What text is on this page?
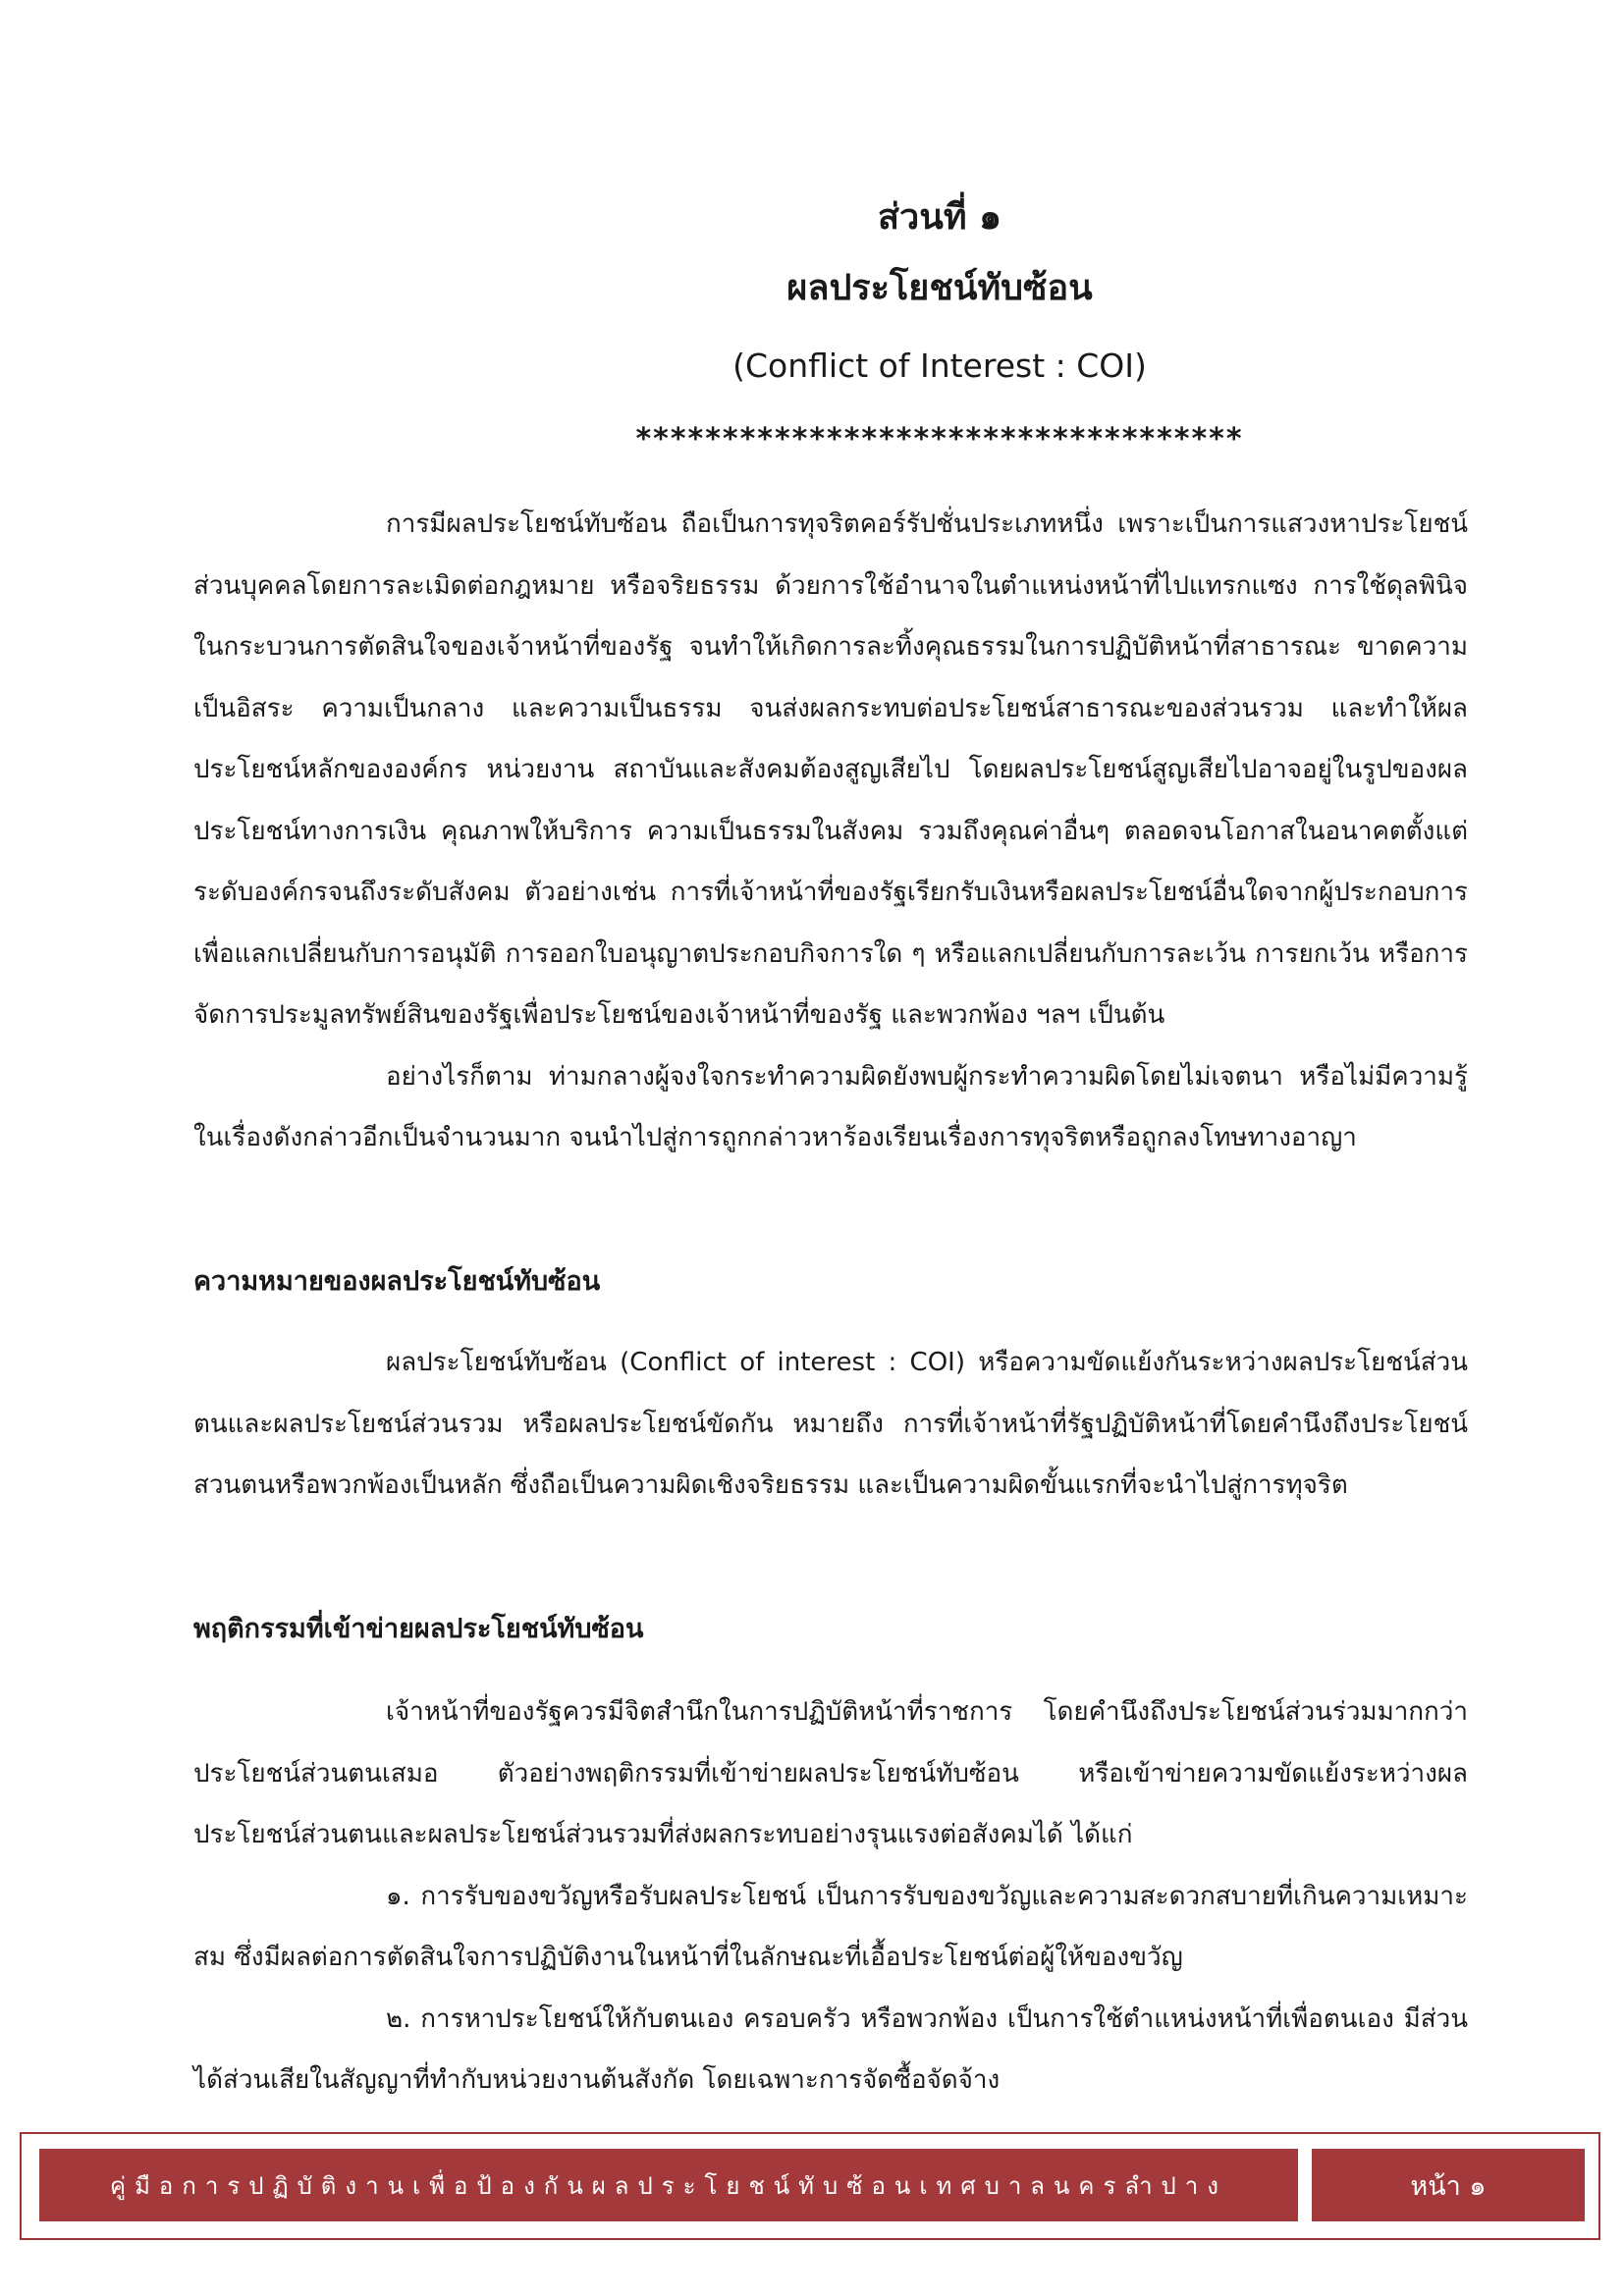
ส่วนที่ ๑
ผลประโยชน์ทับซ้อน
(Conflict of Interest : COI)
***********************************

การมีผลประโยชน์ทับซ้อน ถือเป็นการทุจริตคอร์รัปชั่นประเภทหนึ่ง เพราะเป็นการแสวงหาประโยชน์ส่วนบุคคลโดยการละเมิดต่อกฎหมาย หรือจริยธรรม ด้วยการใช้อำนาจในตำแหน่งหน้าที่ไปแทรกแซง การใช้ดุลพินิจในกระบวนการตัดสินใจของเจ้าหน้าที่ของรัฐ จนทำให้เกิดการละทิ้งคุณธรรมในการปฏิบัติหน้าที่สาธารณะ ขาดความเป็นอิสระ ความเป็นกลาง และความเป็นธรรม จนส่งผลกระทบต่อประโยชน์สาธารณะของส่วนรวม และทำให้ผลประโยชน์หลักขององค์กร หน่วยงาน สถาบันและสังคมต้องสูญเสียไป โดยผลประโยชน์สูญเสียไปอาจอยู่ในรูปของผลประโยชน์ทางการเงิน คุณภาพให้บริการ ความเป็นธรรมในสังคม รวมถึงคุณค่าอื่นๆ ตลอดจนโอกาสในอนาคตตั้งแต่ระดับองค์กรจนถึงระดับสังคม ตัวอย่างเช่น การที่เจ้าหน้าที่ของรัฐเรียกรับเงินหรือผลประโยชน์อื่นใดจากผู้ประกอบการเพื่อแลกเปลี่ยนกับการอนุมัติ การออกใบอนุญาตประกอบกิจการใด ๆ หรือแลกเปลี่ยนกับการละเว้น การยกเว้น หรือการจัดการประมูลทรัพย์สินของรัฐเพื่อประโยชน์ของเจ้าหน้าที่ของรัฐ และพวกพ้อง ฯลฯ เป็นต้น

อย่างไรก็ตาม ท่ามกลางผู้จงใจกระทำความผิดยังพบผู้กระทำความผิดโดยไม่เจตนา หรือไม่มีความรู้ในเรื่องดังกล่าวอีกเป็นจำนวนมาก จนนำไปสู่การถูกกล่าวหาร้องเรียนเรื่องการทุจริตหรือถูกลงโทษทางอาญา

ความหมายของผลประโยชน์ทับซ้อน

ผลประโยชน์ทับซ้อน (Conflict of interest : COI) หรือความขัดแย้งกันระหว่างผลประโยชน์ส่วนตนและผลประโยชน์ส่วนรวม หรือผลประโยชน์ขัดกัน หมายถึง การที่เจ้าหน้าที่รัฐปฏิบัติหน้าที่โดยคำนึงถึงประโยชน์สวนตนหรือพวกพ้องเป็นหลัก ซึ่งถือเป็นความผิดเชิงจริยธรรม และเป็นความผิดขั้นแรกที่จะนำไปสู่การทุจริต

พฤติกรรมที่เข้าข่ายผลประโยชน์ทับซ้อน

เจ้าหน้าที่ของรัฐควรมีจิตสำนึกในการปฏิบัติหน้าที่ราชการ โดยคำนึงถึงประโยชน์ส่วนร่วมมากกว่าประโยชน์ส่วนตนเสมอ ตัวอย่างพฤติกรรมที่เข้าข่ายผลประโยชน์ทับซ้อน หรือเข้าข่ายความขัดแย้งระหว่างผลประโยชน์ส่วนตนและผลประโยชน์ส่วนรวมที่ส่งผลกระทบอย่างรุนแรงต่อสังคมได้ ได้แก่

๑. การรับของขวัญหรือรับผลประโยชน์ เป็นการรับของขวัญและความสะดวกสบายที่เกินความเหมาะสม ซึ่งมีผลต่อการตัดสินใจการปฏิบัติงานในหน้าที่ในลักษณะที่เอื้อประโยชน์ต่อผู้ให้ของขวัญ

๒. การหาประโยชน์ให้กับตนเอง ครอบครัว หรือพวกพ้อง เป็นการใช้ตำแหน่งหน้าที่เพื่อตนเอง มีส่วนได้ส่วนเสียในสัญญาที่ทำกับหน่วยงานต้นสังกัด โดยเฉพาะการจัดซื้อจัดจ้าง

คู่มือการปฏิบัติงานเพื่อป้องกันผลประโยชน์ทับซ้อนเทศบาลนครลำปาง	หน้า ๑
